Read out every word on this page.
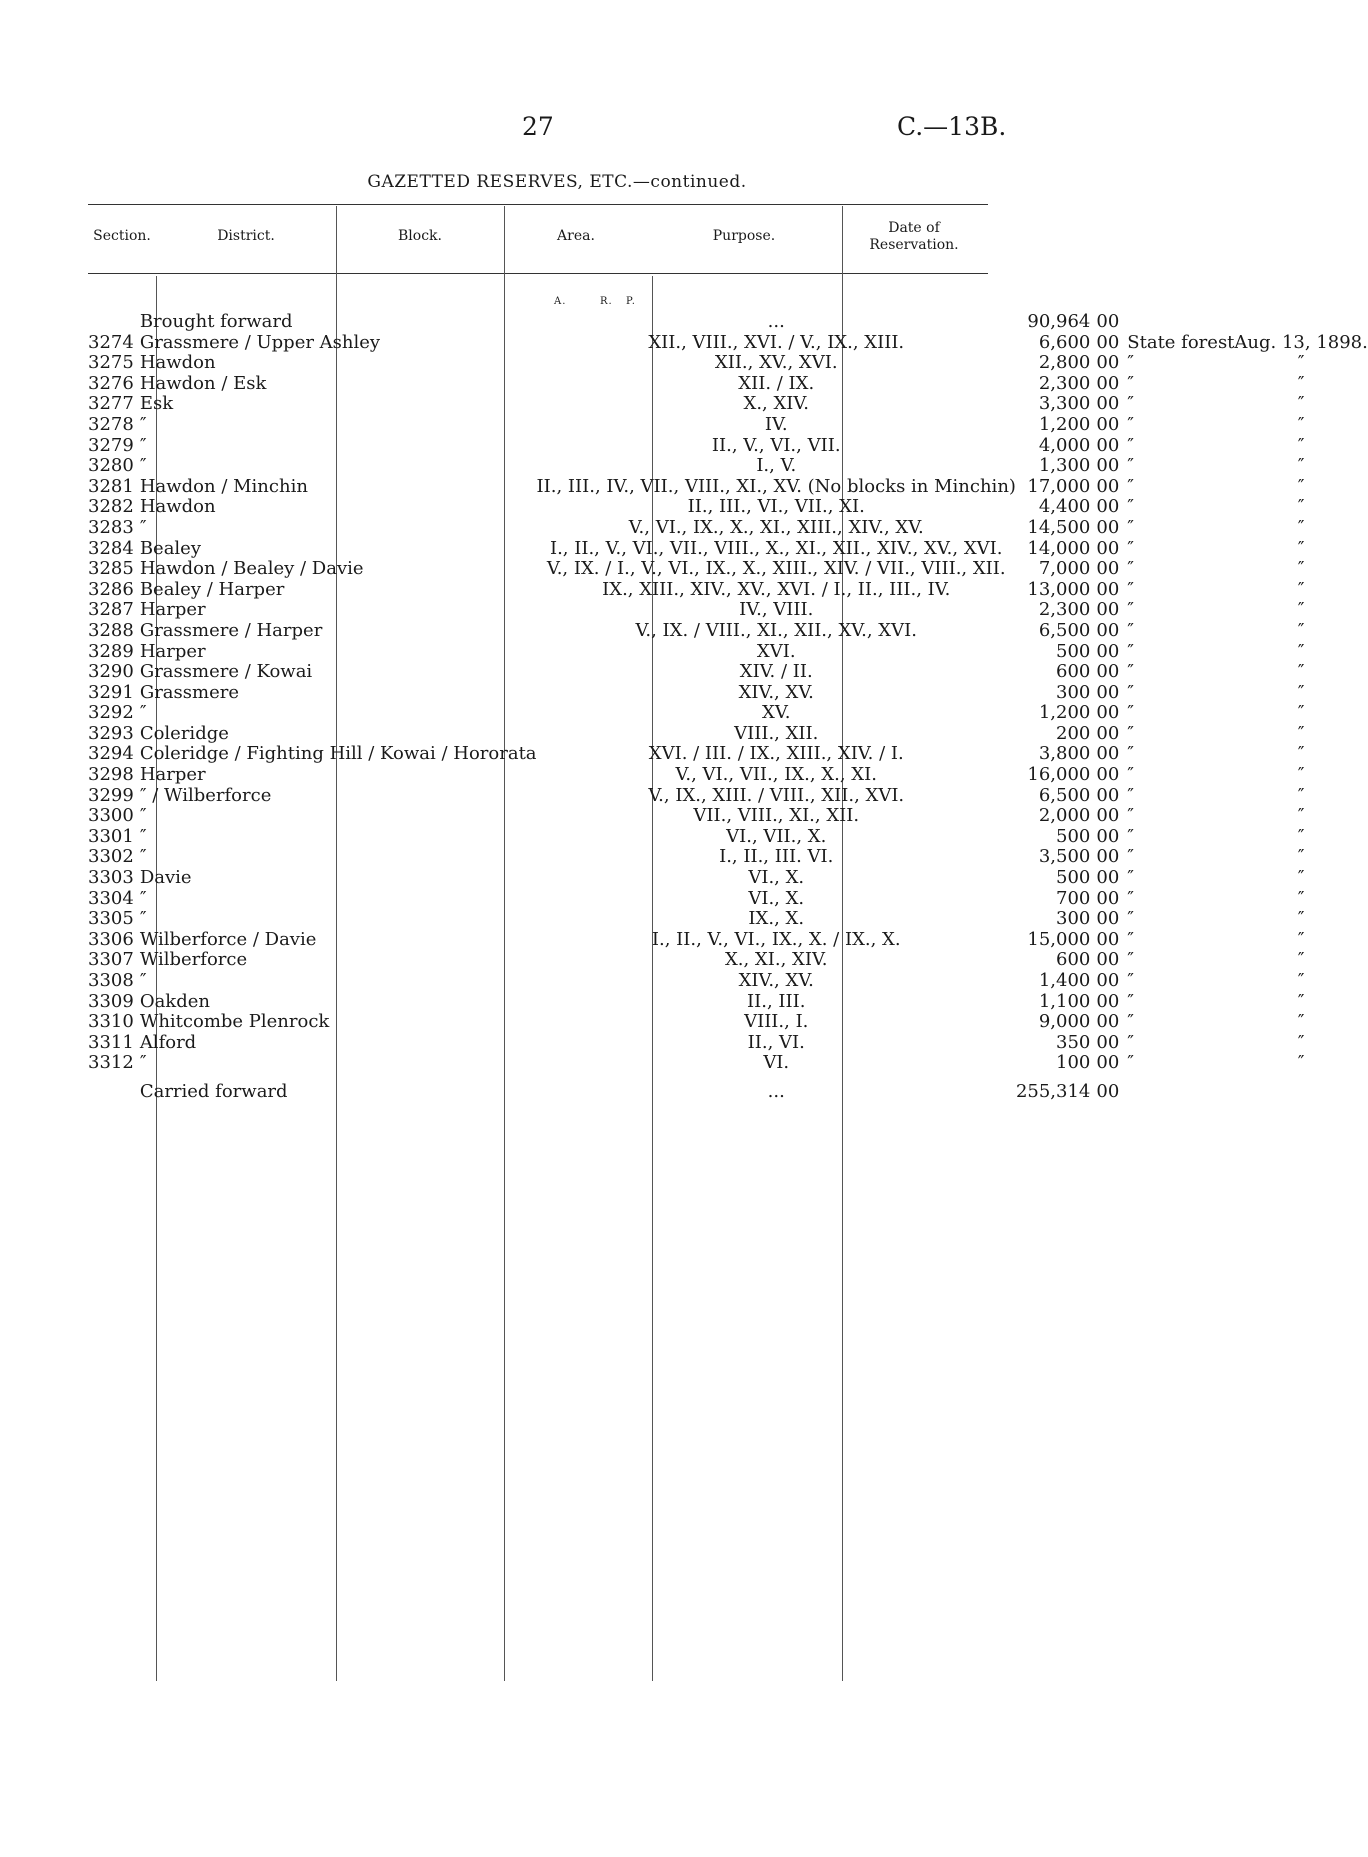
27	C.—13B.
GAZETTED RESERVES, ETC.—continued.
Section.	District.	Block.	Area.	Purpose.	Date of Reservation.
A.	R. P.
	Brought forward	...	90,964	0	0		
3274	Grassmere / Upper Ashley	XII., VIII., XVI. / V., IX., XIII.	6,600	0	0	State forest	Aug. 13, 1898.
3275	Hawdon	XII., XV., XVI.	2,800	0	0	″	″
3276	Hawdon / Esk	XII. / IX.	2,300	0	0	″	″
3277	Esk	X., XIV.	3,300	0	0	″	″
3278	″	IV.	1,200	0	0	″	″
3279	″	II., V., VI., VII.	4,000	0	0	″	″
3280	″	I., V.	1,300	0	0	″	″
3281	Hawdon / Minchin	II., III., IV., VII., VIII., XI., XV. (No blocks in Minchin)	17,000	0	0	″	″
3282	Hawdon	II., III., VI., VII., XI.	4,400	0	0	″	″
3283	″	V., VI., IX., X., XI., XIII., XIV., XV.	14,500	0	0	″	″
3284	Bealey	I., II., V., VI., VII., VIII., X., XI., XII., XIV., XV., XVI.	14,000	0	0	″	″
3285	Hawdon / Bealey / Davie	V., IX. / I., V., VI., IX., X., XIII., XIV. / VII., VIII., XII.	7,000	0	0	″	″
3286	Bealey / Harper	IX., XIII., XIV., XV., XVI. / I., II., III., IV.	13,000	0	0	″	″
3287	Harper	IV., VIII.	2,300	0	0	″	″
3288	Grassmere / Harper	V., IX. / VIII., XI., XII., XV., XVI.	6,500	0	0	″	″
3289	Harper	XVI.	500	0	0	″	″
3290	Grassmere / Kowai	XIV. / II.	600	0	0	″	″
3291	Grassmere	XIV., XV.	300	0	0	″	″
3292	″	XV.	1,200	0	0	″	″
3293	Coleridge	VIII., XII.	200	0	0	″	″
3294	Coleridge / Fighting Hill / Kowai / Hororata	XVI. / III. / IX., XIII., XIV. / I.	3,800	0	0	″	″
3298	Harper	V., VI., VII., IX., X., XI.	16,000	0	0	″	″
3299	″ / Wilberforce	V., IX., XIII. / VIII., XII., XVI.	6,500	0	0	″	″
3300	″	VII., VIII., XI., XII.	2,000	0	0	″	″
3301	″	VI., VII., X.	500	0	0	″	″
3302	″	I., II., III. VI.	3,500	0	0	″	″
3303	Davie	VI., X.	500	0	0	″	″
3304	″	VI., X.	700	0	0	″	″
3305	″	IX., X.	300	0	0	″	″
3306	Wilberforce / Davie	I., II., V., VI., IX., X. / IX., X.	15,000	0	0	″	″
3307	Wilberforce	X., XI., XIV.	600	0	0	″	″
3308	″	XIV., XV.	1,400	0	0	″	″
3309	Oakden	II., III.	1,100	0	0	″	″
3310	Whitcombe Plenrock	VIII., I.	9,000	0	0	″	″
3311	Alford	II., VI.	350	0	0	″	″
3312	″	VI.	100	0	0	″	″
	Carried forward	...	255,314	0	0		
